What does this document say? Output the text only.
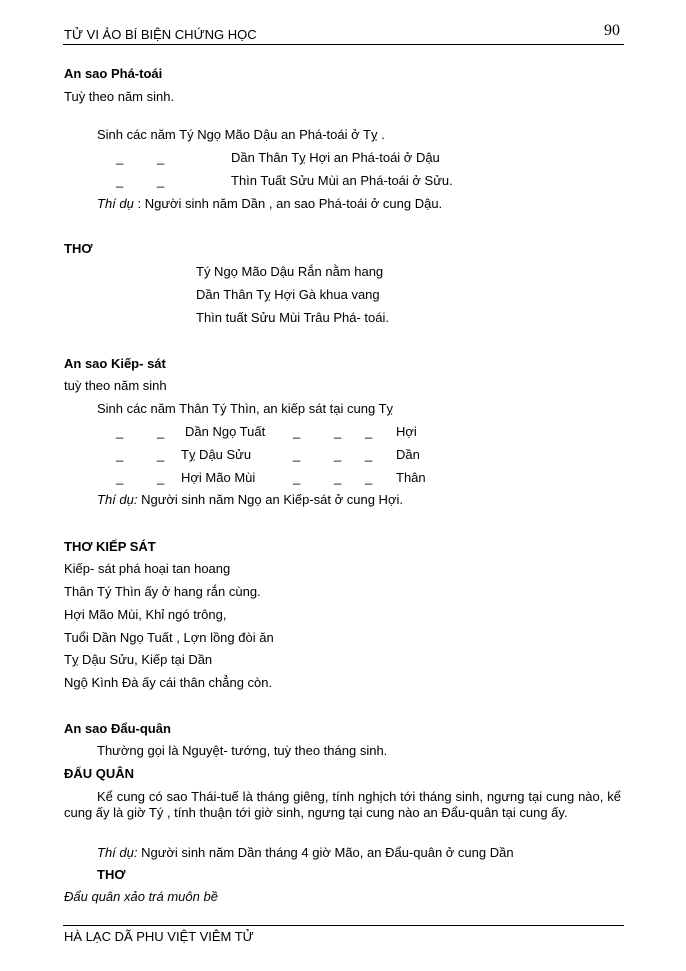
TỬ VI ẢO BÍ BIỆN CHỨNG HỌC	90
An sao Phá-toái
Tuỳ theo năm sinh.
Sinh các năm Tý Ngọ Mão Dậu an Phá-toái ở Tỵ .
_	_	Dần Thân Tỵ Hợi an Phá-toái ở Dậu
_	_	Thìn Tuất Sửu Mùi an Phá-toái ở Sửu.
Thí dụ : Người sinh năm Dần , an sao Phá-toái ở cung Dậu.
THƠ
Tý Ngọ Mão Dậu Rắn nằm hang
Dần Thân Tỵ Hợi Gà khua vang
Thìn tuất Sửu Mùi Trâu Phá- toái.
An sao Kiếp- sát
tuỳ theo năm sinh
Sinh các năm Thân Tý Thìn, an kiếp sát tại cung Tỵ
_	_ Dần Ngọ Tuất _	_ _ Hợi
_	_ Tỵ Dậu Sửu	_	_ _ Dần
_	_ Hợi Mão Mùi	_	_ _ Thân
Thí dụ: Người sinh năm Ngọ an Kiếp-sát ở cung Hợi.
THƠ KIẾP SÁT
Kiếp- sát phá hoại tan hoang
Thân Tý Thìn ấy ở hang rắn cùng.
Hợi Mão Mùi, Khỉ ngó trông,
Tuổi Dần Ngọ Tuất , Lợn lồng đòi ăn
Tỵ Dậu Sửu, Kiếp tại Dần
Ngộ Kình Đà ấy cái thân chẳng còn.
An sao Đẩu-quân
Thường gọi là Nguyệt- tướng, tuỳ theo tháng sinh.
ĐẨU QUÂN
Kể cung có sao Thái-tuế là tháng giêng, tính nghịch tới tháng sinh, ngưng tại cung nào, kể cung ấy là giờ Tý , tính thuận tới giờ sinh, ngưng tại cung nào an Đẩu-quân tại cung ấy.
Thí dụ: Người sinh năm Dần tháng 4 giờ Mão, an Đẩu-quân ở cung Dần
THƠ
Đẩu quân xảo trá muôn bề
HÀ LẠC DÃ PHU VIỆT VIÊM TỬ
